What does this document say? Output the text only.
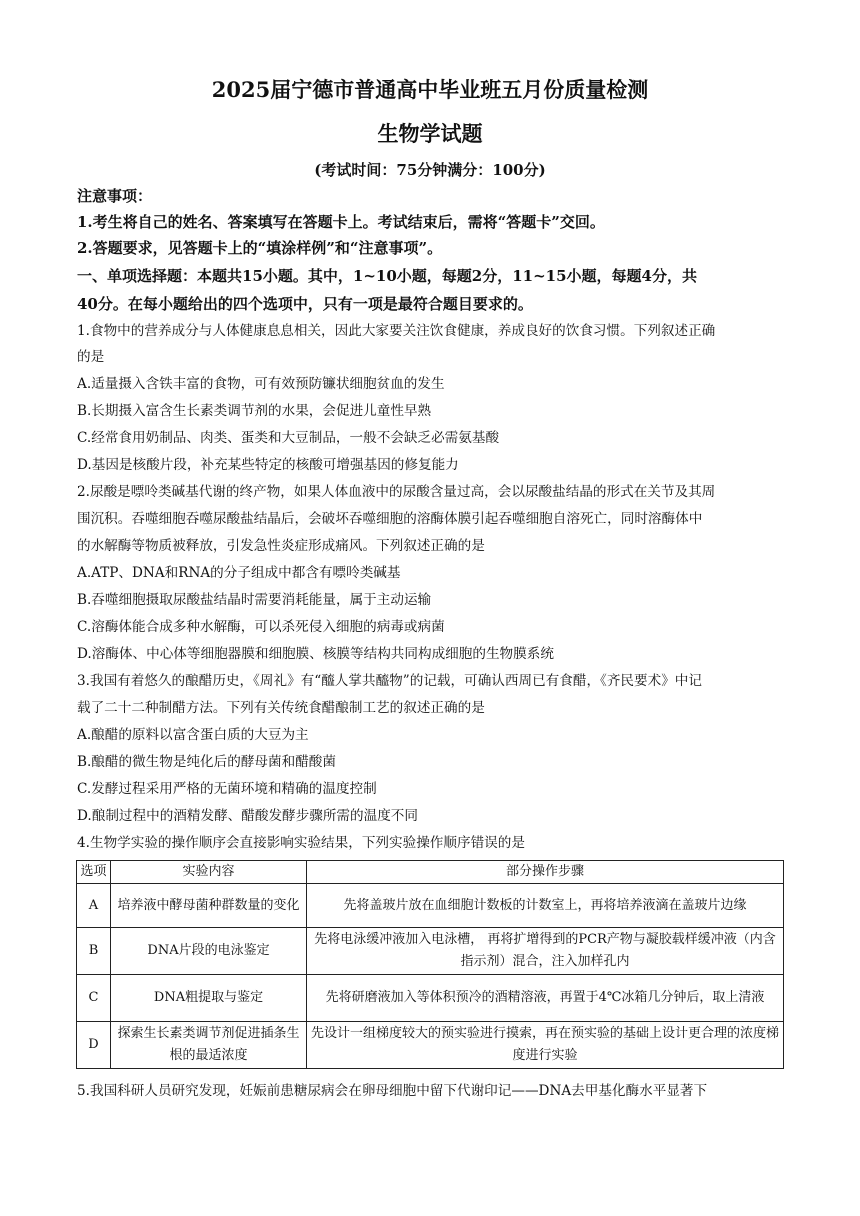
2025届宁德市普通高中毕业班五月份质量检测
生物学试题
(考试时间：75分钟满分：100分)
注意事项：
1.考生将自己的姓名、答案填写在答题卡上。考试结束后，需将“答题卡”交回。
2.答题要求，见答题卡上的“填涂样例”和“注意事项”。
一、单项选择题：本题共15小题。其中，1~10小题，每题2分，11~15小题，每题4分，共
40分。在每小题给出的四个选项中，只有一项是最符合题目要求的。
1.食物中的营养成分与人体健康息息相关，因此大家要关注饮食健康，养成良好的饮食习惯。下列叙述正确
的是
A.适量摄入含铁丰富的食物，可有效预防镰状细胞贫血的发生
B.长期摄入富含生长素类调节剂的水果，会促进儿童性早熟
C.经常食用奶制品、肉类、蛋类和大豆制品，一般不会缺乏必需氨基酸
D.基因是核酸片段，补充某些特定的核酸可增强基因的修复能力
2.尿酸是嘌呤类碱基代谢的终产物，如果人体血液中的尿酸含量过高，会以尿酸盐结晶的形式在关节及其周
围沉积。吞噬细胞吞噬尿酸盐结晶后，会破坏吞噬细胞的溶酶体膜引起吞噬细胞自溶死亡，同时溶酶体中
的水解酶等物质被释放，引发急性炎症形成痛风。下列叙述正确的是
A.ATP、DNA和RNA的分子组成中都含有嘌呤类碱基
B.吞噬细胞摄取尿酸盐结晶时需要消耗能量，属于主动运输
C.溶酶体能合成多种水解酶，可以杀死侵入细胞的病毒或病菌
D.溶酶体、中心体等细胞器膜和细胞膜、核膜等结构共同构成细胞的生物膜系统
3.我国有着悠久的酿醋历史，《周礼》有“醯人掌共醯物”的记载，可确认西周已有食醋，《齐民要术》中记
载了二十二种制醋方法。下列有关传统食醋酿制工艺的叙述正确的是
A.酿醋的原料以富含蛋白质的大豆为主
B.酿醋的微生物是纯化后的酵母菌和醋酸菌
C.发酵过程采用严格的无菌环境和精确的温度控制
D.酿制过程中的酒精发酵、醋酸发酵步骤所需的温度不同
4.生物学实验的操作顺序会直接影响实验结果，下列实验操作顺序错误的是
选项	实验内容	部分操作步骤
A	培养液中酵母菌种群数量的变化	先将盖玻片放在血细胞计数板的计数室上，再将培养液滴在盖玻片边缘
B	DNA片段的电泳鉴定	先将电泳缓冲液加入电泳槽， 再将扩增得到的PCR产物与凝胶载样缓冲液（内含指示剂）混合，注入加样孔内
C	DNA粗提取与鉴定	先将研磨液加入等体积预冷的酒精溶液，再置于4℃冰箱几分钟后，取上清液
D	探索生长素类调节剂促进插条生根的最适浓度	先设计一组梯度较大的预实验进行摸索，再在预实验的基础上设计更合理的浓度梯度进行实验
5.我国科研人员研究发现，妊娠前患糖尿病会在卵母细胞中留下代谢印记——DNA去甲基化酶水平显著下
